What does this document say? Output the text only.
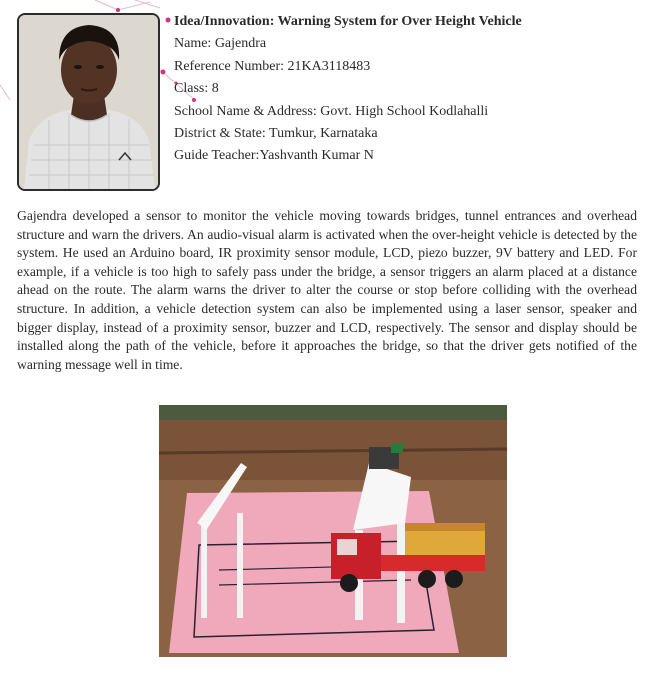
Idea/Innovation: Warning System for Over Height Vehicle
Name: Gajendra
Reference Number: 21KA3118483
Class: 8
School Name & Address: Govt. High School Kodlahalli
District & State: Tumkur, Karnataka
Guide Teacher:Yashvanth Kumar N

Gajendra developed a sensor to monitor the vehicle moving towards bridges, tunnel entrances and overhead structure and warn the drivers. An audio-visual alarm is activated when the over-height vehicle is detected by the system. He used an Arduino board, IR proximity sensor module, LCD, piezo buzzer, 9V battery and LED. For example, if a vehicle is too high to safely pass under the bridge, a sensor triggers an alarm placed at a distance ahead on the route. The alarm warns the driver to alter the course or stop before colliding with the overhead structure. In addition, a vehicle detection system can also be implemented using a laser sensor, speaker and bigger display, instead of a proximity sensor, buzzer and LCD, respectively. The sensor and display should be installed along the path of the vehicle, before it approaches the bridge, so that the driver gets notified of the warning message well in time.
